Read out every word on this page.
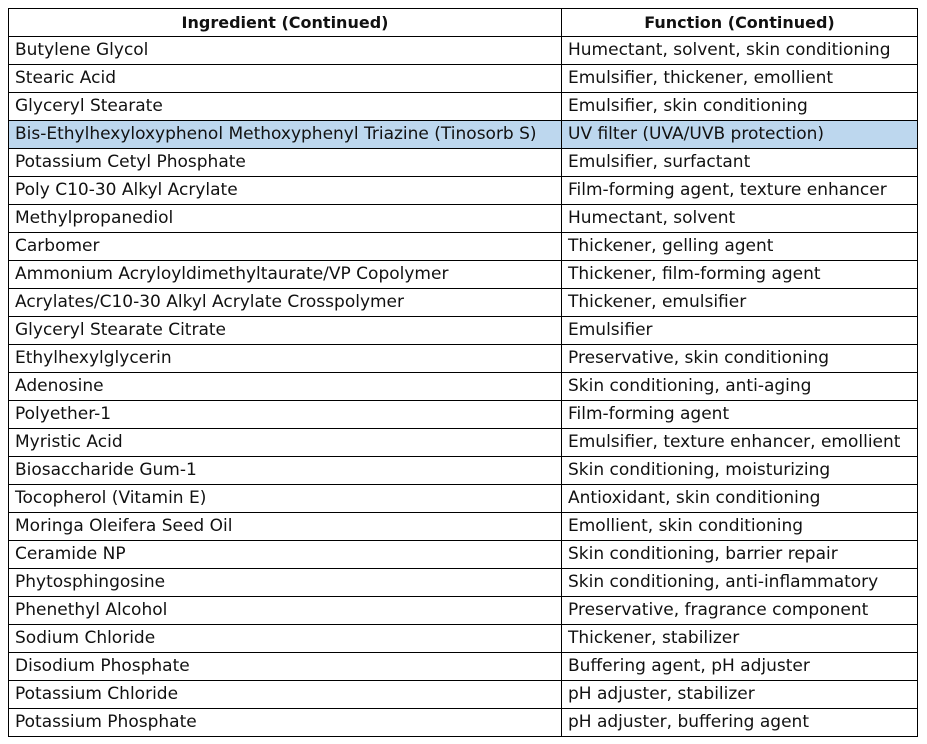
Ingredient (Continued)	Function (Continued)
Butylene Glycol	Humectant, solvent, skin conditioning
Stearic Acid	Emulsifier, thickener, emollient
Glyceryl Stearate	Emulsifier, skin conditioning
Bis-Ethylhexyloxyphenol Methoxyphenyl Triazine (Tinosorb S)	UV filter (UVA/UVB protection)
Potassium Cetyl Phosphate	Emulsifier, surfactant
Poly C10-30 Alkyl Acrylate	Film-forming agent, texture enhancer
Methylpropanediol	Humectant, solvent
Carbomer	Thickener, gelling agent
Ammonium Acryloyldimethyltaurate/VP Copolymer	Thickener, film-forming agent
Acrylates/C10-30 Alkyl Acrylate Crosspolymer	Thickener, emulsifier
Glyceryl Stearate Citrate	Emulsifier
Ethylhexylglycerin	Preservative, skin conditioning
Adenosine	Skin conditioning, anti-aging
Polyether-1	Film-forming agent
Myristic Acid	Emulsifier, texture enhancer, emollient
Biosaccharide Gum-1	Skin conditioning, moisturizing
Tocopherol (Vitamin E)	Antioxidant, skin conditioning
Moringa Oleifera Seed Oil	Emollient, skin conditioning
Ceramide NP	Skin conditioning, barrier repair
Phytosphingosine	Skin conditioning, anti-inflammatory
Phenethyl Alcohol	Preservative, fragrance component
Sodium Chloride	Thickener, stabilizer
Disodium Phosphate	Buffering agent, pH adjuster
Potassium Chloride	pH adjuster, stabilizer
Potassium Phosphate	pH adjuster, buffering agent
